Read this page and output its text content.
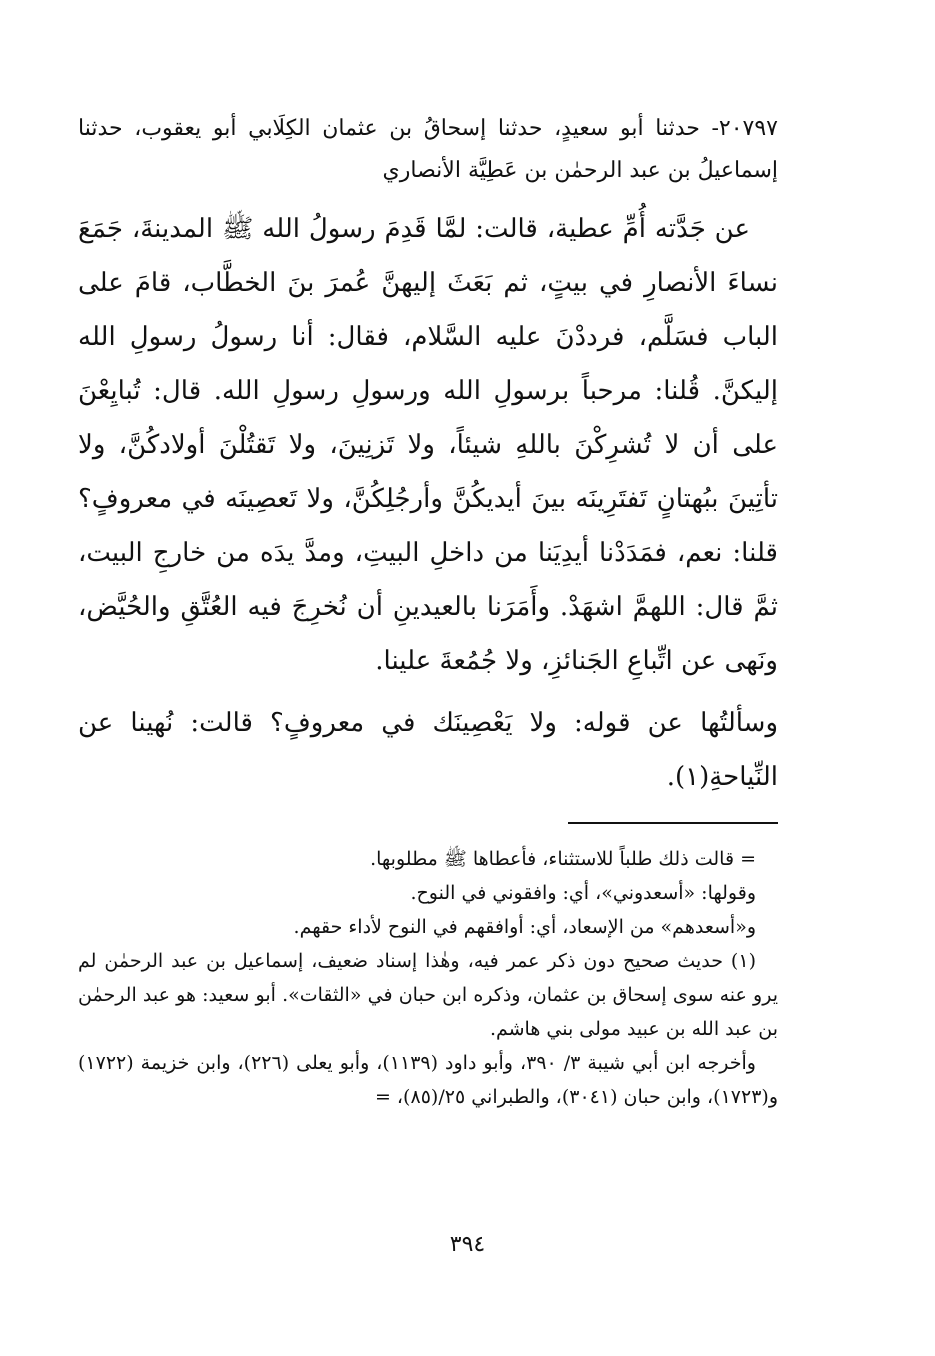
٢٠٧٩٧- حدثنا أبو سعيدٍ، حدثنا إسحاقُ بن عثمان الكِلَابي أبو يعقوب، حدثنا إسماعيلُ بن عبد الرحمٰن بن عَطِيَّة الأنصاري

عن جَدَّته أُمِّ عطية، قالت: لمَّا قَدِمَ رسولُ الله ﷺ المدينةَ، جَمَعَ نساءَ الأنصارِ في بيتٍ، ثم بَعَثَ إليهنَّ عُمرَ بنَ الخطَّاب، قامَ على الباب فسَلَّم، فرددْنَ عليه السَّلام، فقال: أنا رسولُ رسولِ الله إليكنَّ. قُلنا: مرحباً برسولِ الله ورسولِ رسولِ الله. قال: تُبايِعْنَ على أن لا تُشرِكْنَ باللهِ شيئاً، ولا تَزنِينَ، ولا تَقتُلْنَ أولادكُنَّ، ولا تأتِينَ ببُهتانٍ تَفتَرِينَه بينَ أيديكُنَّ وأرجُلِكُنَّ، ولا تَعصِينَه في معروفٍ؟ قلنا: نعم، فمَدَدْنا أيدِيَنا من داخلِ البيتِ، ومدَّ يدَه من خارجِ البيت، ثمَّ قال: اللهمَّ اشهَدْ. وأَمَرَنا بالعيدينِ أن نُخرِجَ فيه العُتَّقِ والحُيَّض، ونَهى عن اتِّباعِ الجَنائزِ، ولا جُمُعةَ علينا.

وسألتُها عن قوله: ولا يَعْصِينَك في معروفٍ؟ قالت: نُهينا عن النِّياحةِ(١).

= قالت ذلك طلباً للاستثناء، فأعطاها ﷺ مطلوبها.

وقولها: «أسعدوني»، أي: وافقوني في النوح.

و«أسعدهم» من الإسعاد، أي: أوافقهم في النوح لأداء حقهم.

(١) حديث صحيح دون ذكر عمر فيه، وهٰذا إسناد ضعيف، إسماعيل بن عبد الرحمٰن لم يرو عنه سوى إسحاق بن عثمان، وذكره ابن حبان في «الثقات». أبو سعيد: هو عبد الرحمٰن بن عبد الله بن عبيد مولى بني هاشم.

وأخرجه ابن أبي شيبة ٣/ ٣٩٠، وأبو داود (١١٣٩)، وأبو يعلى (٢٢٦)، وابن خزيمة (١٧٢٢) و(١٧٢٣)، وابن حبان (٣٠٤١)، والطبراني ٢٥/(٨٥)، =

٣٩٤
